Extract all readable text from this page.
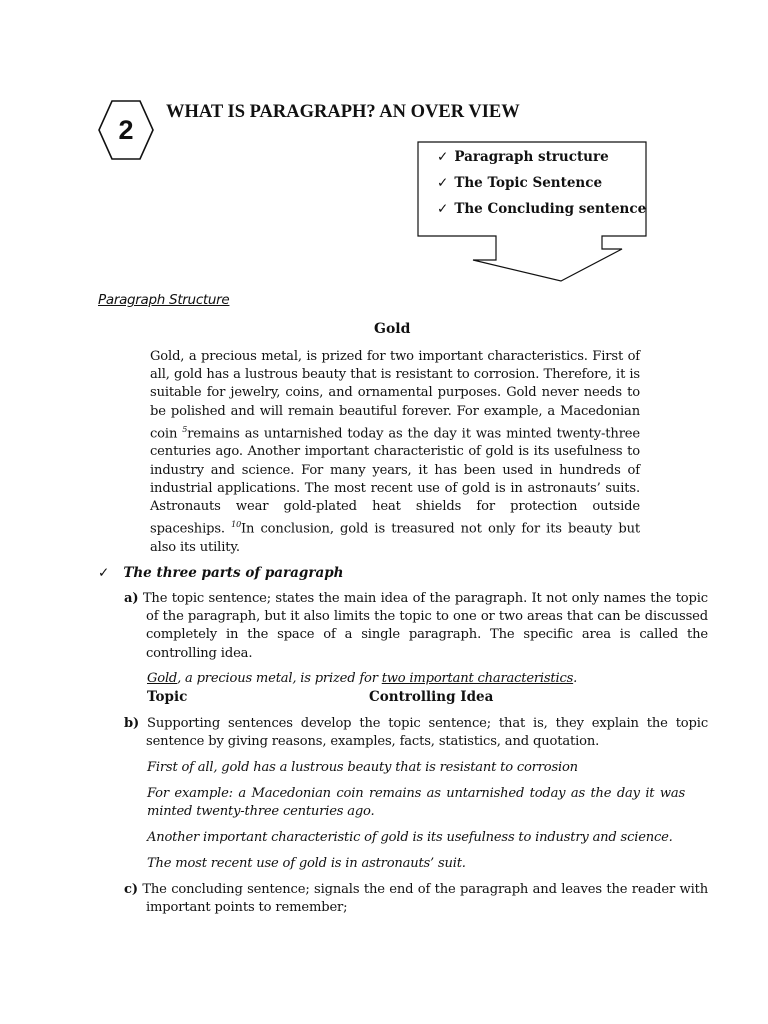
2
WHAT IS PARAGRAPH? AN OVER VIEW
✓ Paragraph structure
✓ The Topic Sentence
✓ The Concluding sentence
Paragraph Structure
Gold
Gold, a precious metal, is prized for two important characteristics. First of all, gold has a lustrous beauty that is resistant to corrosion. Therefore, it is suitable for jewelry, coins, and ornamental purposes. Gold never needs to be polished and will remain beautiful forever. For example, a Macedonian coin $^5$remains as untarnished today as the day it was minted twenty-three centuries ago. Another important characteristic of gold is its usefulness to industry and science. For many years, it has been used in hundreds of industrial applications. The most recent use of gold is in astronauts’ suits. Astronauts wear gold-plated heat shields for protection outside spaceships. $^{10}$In conclusion, gold is treasured not only for its beauty but also its utility.
✓ The three parts of paragraph
a) The topic sentence; states the main idea of the paragraph. It not only names the topic of the paragraph, but it also limits the topic to one or two areas that can be discussed completely in the space of a single paragraph. The specific area is called the controlling idea.
Gold, a precious metal, is prized for two important characteristics.
Topic	Controlling Idea
b) Supporting sentences develop the topic sentence; that is, they explain the topic sentence by giving reasons, examples, facts, statistics, and quotation.
First of all, gold has a lustrous beauty that is resistant to corrosion
For example: a Macedonian coin remains as untarnished today as the day it was minted twenty-three centuries ago.
Another important characteristic of gold is its usefulness to industry and science.
The most recent use of gold is in astronauts’ suit.
c) The concluding sentence; signals the end of the paragraph and leaves the reader with important points to remember;
